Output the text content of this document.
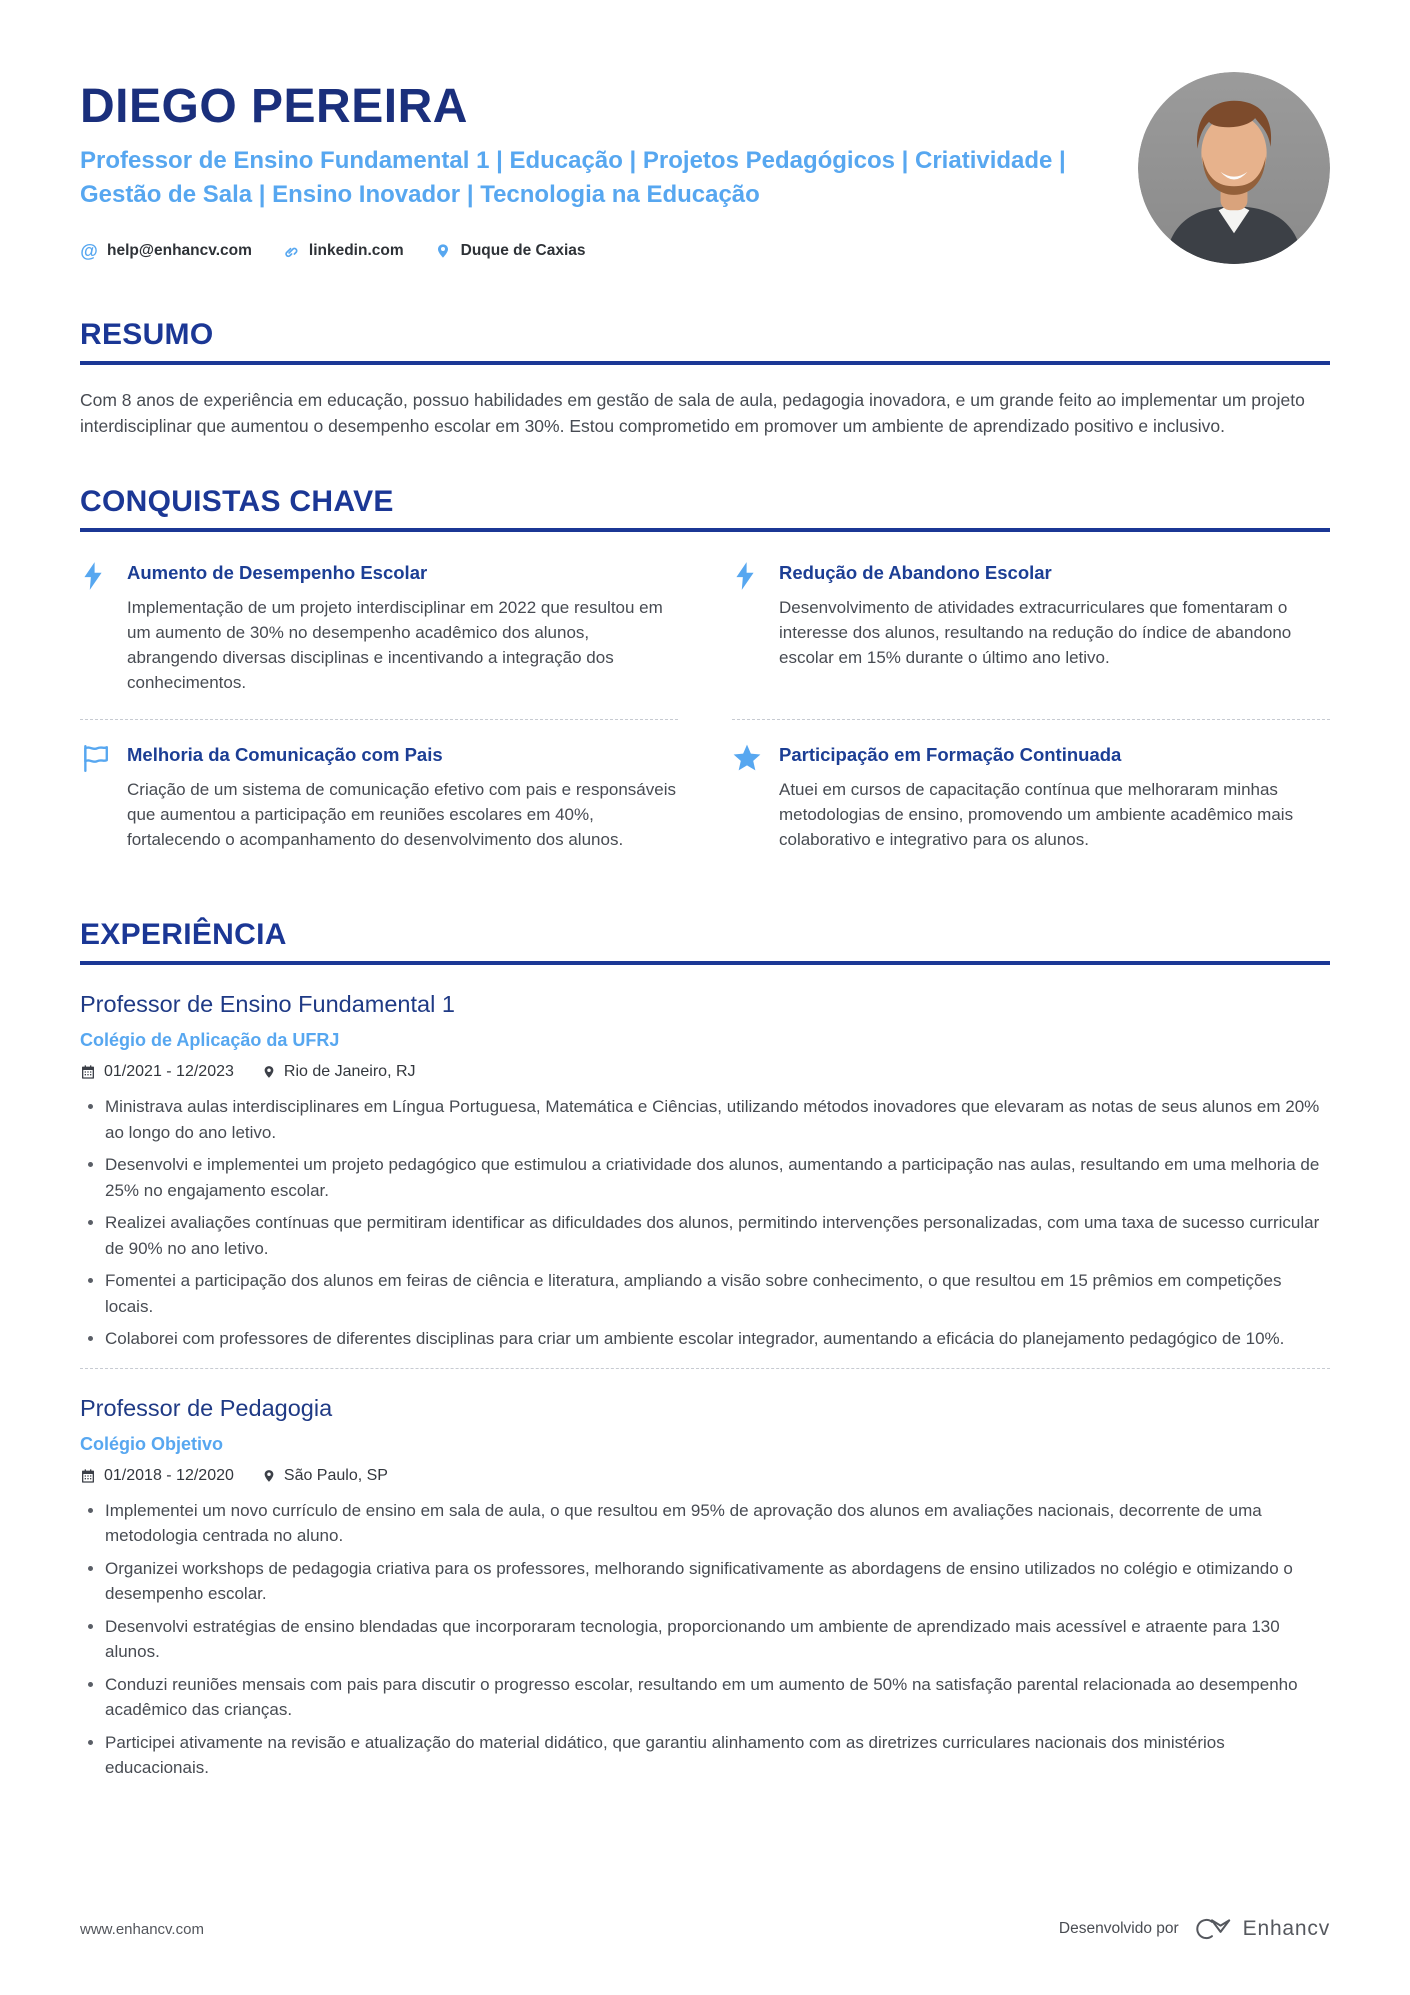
DIEGO PEREIRA
Professor de Ensino Fundamental 1 | Educação | Projetos Pedagógicos | Criatividade | Gestão de Sala | Ensino Inovador | Tecnologia na Educação
@ help@enhancv.com	linkedin.com	Duque de Caxias
RESUMO
Com 8 anos de experiência em educação, possuo habilidades em gestão de sala de aula, pedagogia inovadora, e um grande feito ao implementar um projeto interdisciplinar que aumentou o desempenho escolar em 30%. Estou comprometido em promover um ambiente de aprendizado positivo e inclusivo.
CONQUISTAS CHAVE
Aumento de Desempenho Escolar
Implementação de um projeto interdisciplinar em 2022 que resultou em um aumento de 30% no desempenho acadêmico dos alunos, abrangendo diversas disciplinas e incentivando a integração dos conhecimentos.
Redução de Abandono Escolar
Desenvolvimento de atividades extracurriculares que fomentaram o interesse dos alunos, resultando na redução do índice de abandono escolar em 15% durante o último ano letivo.
Melhoria da Comunicação com Pais
Criação de um sistema de comunicação efetivo com pais e responsáveis que aumentou a participação em reuniões escolares em 40%, fortalecendo o acompanhamento do desenvolvimento dos alunos.
Participação em Formação Continuada
Atuei em cursos de capacitação contínua que melhoraram minhas metodologias de ensino, promovendo um ambiente acadêmico mais colaborativo e integrativo para os alunos.
EXPERIÊNCIA
Professor de Ensino Fundamental 1
Colégio de Aplicação da UFRJ
01/2021 - 12/2023	Rio de Janeiro, RJ
• Ministrava aulas interdisciplinares em Língua Portuguesa, Matemática e Ciências, utilizando métodos inovadores que elevaram as notas de seus alunos em 20% ao longo do ano letivo.
• Desenvolvi e implementei um projeto pedagógico que estimulou a criatividade dos alunos, aumentando a participação nas aulas, resultando em uma melhoria de 25% no engajamento escolar.
• Realizei avaliações contínuas que permitiram identificar as dificuldades dos alunos, permitindo intervenções personalizadas, com uma taxa de sucesso curricular de 90% no ano letivo.
• Fomentei a participação dos alunos em feiras de ciência e literatura, ampliando a visão sobre conhecimento, o que resultou em 15 prêmios em competições locais.
• Colaborei com professores de diferentes disciplinas para criar um ambiente escolar integrador, aumentando a eficácia do planejamento pedagógico de 10%.
Professor de Pedagogia
Colégio Objetivo
01/2018 - 12/2020	São Paulo, SP
• Implementei um novo currículo de ensino em sala de aula, o que resultou em 95% de aprovação dos alunos em avaliações nacionais, decorrente de uma metodologia centrada no aluno.
• Organizei workshops de pedagogia criativa para os professores, melhorando significativamente as abordagens de ensino utilizados no colégio e otimizando o desempenho escolar.
• Desenvolvi estratégias de ensino blendadas que incorporaram tecnologia, proporcionando um ambiente de aprendizado mais acessível e atraente para 130 alunos.
• Conduzi reuniões mensais com pais para discutir o progresso escolar, resultando em um aumento de 50% na satisfação parental relacionada ao desempenho acadêmico das crianças.
• Participei ativamente na revisão e atualização do material didático, que garantiu alinhamento com as diretrizes curriculares nacionais dos ministérios educacionais.
www.enhancv.com	Desenvolvido por	Enhancv
